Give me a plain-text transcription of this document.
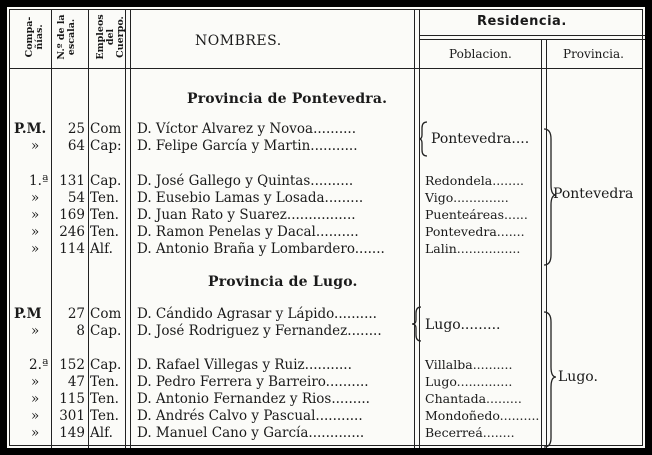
Compa-ñías. N.º de la escala.	Empleos del Cuerpo.	NOMBRES.
Residencia.
Poblacion.	Provincia.
Provincia de Pontevedra.
P.M.	25 Com D. Víctor Alvarez y Novoa..........
»	64 Cap: D. Felipe García y Martin...........	Pontevedra....
1.ª 131 Cap. D. José Gallego y Quintas..........	Redondela........
»	54 Ten. D. Eusebio Lamas y Losada.........	Vigo..............
»	169 Ten. D. Juan Rato y Suarez................	Puenteáreas......
»	246 Ten. D. Ramon Penelas y Dacal..........	Pontevedra.......
»	114 Alf. D. Antonio Braña y Lombardero.......	Lalin................
Pontevedra
Provincia de Lugo.
P.M	27 Com D. Cándido Agrasar y Lápido..........
»	8 Cap. D. José Rodriguez y Fernandez........	Lugo.........
2.ª 152 Cap. D. Rafael Villegas y Ruiz...........	Villalba..........
»	47 Ten. D. Pedro Ferrera y Barreiro..........	Lugo..............
»	115 Ten. D. Antonio Fernandez y Rios.........	Chantada.........
»	301 Ten. D. Andrés Calvo y Pascual...........	Mondoñedo..........
»	149 Alf. D. Manuel Cano y García.............	Becerreá........
Lugo.
